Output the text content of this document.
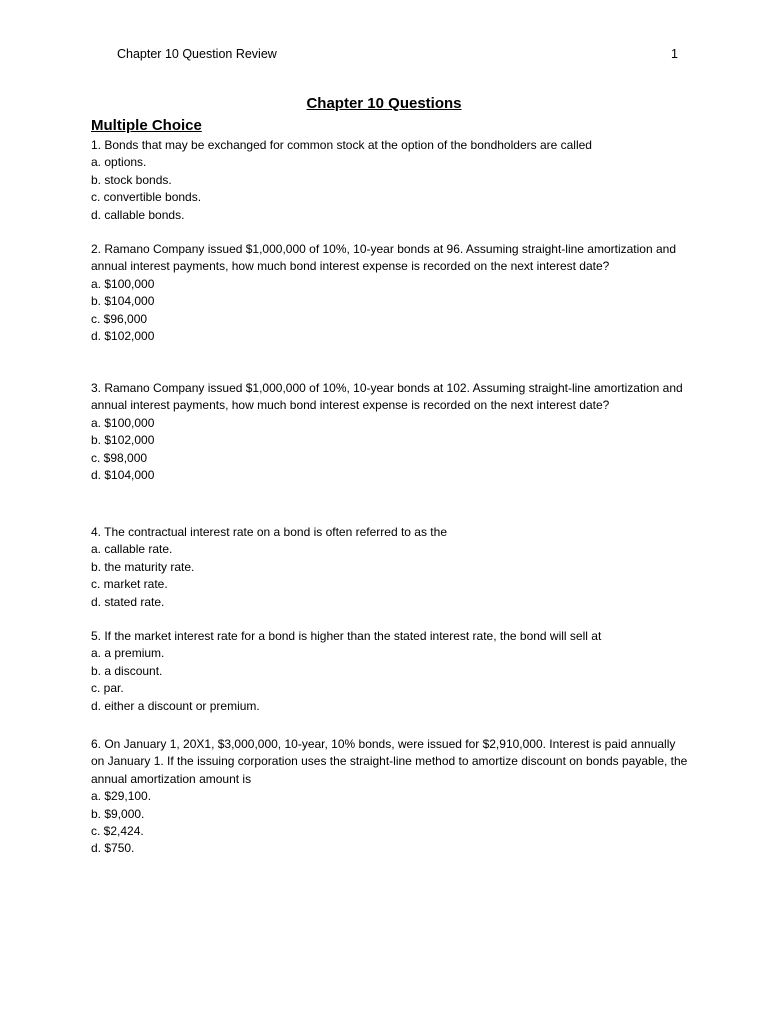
Chapter 10 Question Review	1
Chapter 10 Questions
Multiple Choice

1. Bonds that may be exchanged for common stock at the option of the bondholders are called

a. options.
b. stock bonds.
c. convertible bonds.
d. callable bonds.

2. Ramano Company issued $1,000,000 of 10%, 10-year bonds at 96. Assuming straight-line amortization and annual interest payments, how much bond interest expense is recorded on the next interest date?

a. $100,000
b. $104,000
c. $96,000
d. $102,000

3. Ramano Company issued $1,000,000 of 10%, 10-year bonds at 102. Assuming straight-line amortization and annual interest payments, how much bond interest expense is recorded on the next interest date?

a. $100,000
b. $102,000
c. $98,000
d. $104,000

4. The contractual interest rate on a bond is often referred to as the

a. callable rate.
b. the maturity rate.
c. market rate.
d. stated rate.

5. If the market interest rate for a bond is higher than the stated interest rate, the bond will sell at

a. a premium.
b. a discount.
c. par.
d. either a discount or premium.

6. On January 1, 20X1, $3,000,000, 10-year, 10% bonds, were issued for $2,910,000. Interest is paid annually on January 1. If the issuing corporation uses the straight-line method to amortize discount on bonds payable, the annual amortization amount is

a. $29,100.
b. $9,000.
c. $2,424.
d. $750.
